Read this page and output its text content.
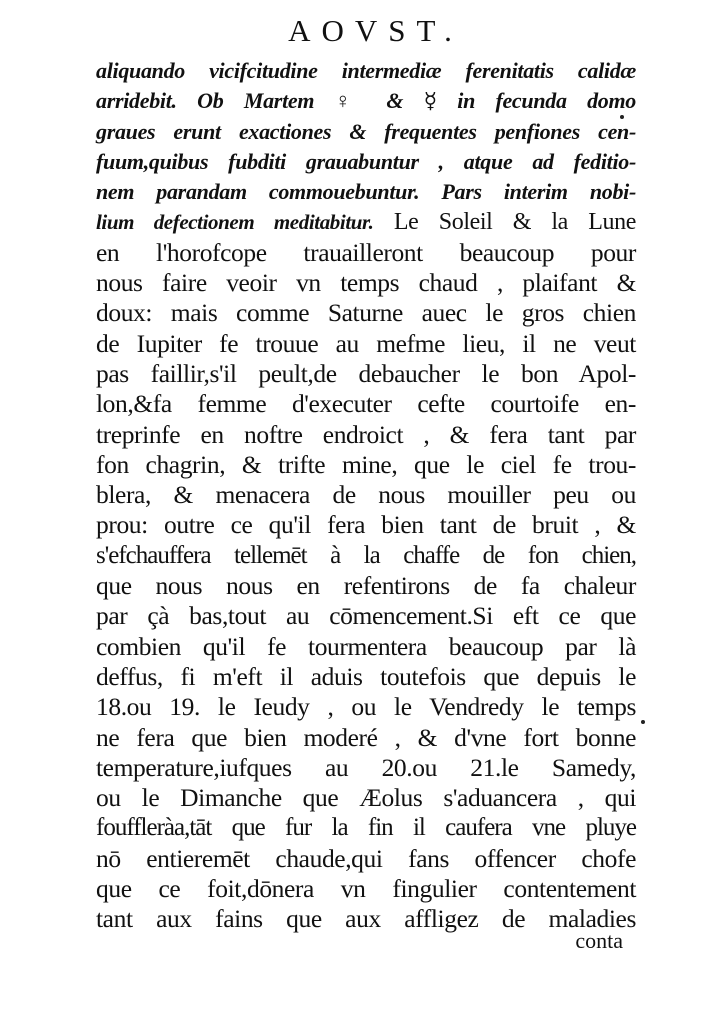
AOVST.
aliquando vicifcitudine intermediæ ferenitatis calidæ
arridebit. Ob Martem ♀ & ☿ in fecunda domo
graues erunt exactiones & frequentes penfiones cen-
fuum,quibus fubditi grauabuntur , atque ad feditio-
nem parandam commouebuntur. Pars interim nobi-
lium defectionem meditabitur. Le Soleil & la Lune
en l'horofcope trauailleront beaucoup pour
nous faire veoir vn temps chaud , plaifant &
doux: mais comme Saturne auec le gros chien
de Iupiter fe trouue au mefme lieu, il ne veut
pas faillir,s'il peult,de debaucher le bon Apol-
lon,&fa femme d'executer cefte courtoife en-
treprinfe en noftre endroict , & fera tant par
fon chagrin, & trifte mine, que le ciel fe trou-
blera, & menacera de nous mouiller peu ou
prou: outre ce qu'il fera bien tant de bruit , &
s'efchauffera tellemēt à la chaffe de fon chien,
que nous nous en refentirons de fa chaleur
par çà bas,tout au cōmencement.Si eft ce que
combien qu'il fe tourmentera beaucoup par là
deffus, fi m'eft il aduis toutefois que depuis le
18.ou 19. le Ieudy , ou le Vendredy le temps
ne fera que bien moderé , & d'vne fort bonne
temperature,iufques au 20.ou 21.le Samedy,
ou le Dimanche que Æolus s'aduancera , qui
fouffleràa,tāt que fur la fin il caufera vne pluye
nō entieremēt chaude,qui fans offencer chofe
que ce foit,dōnera vn fingulier contentement
tant aux fains que aux affligez de maladies
conta
